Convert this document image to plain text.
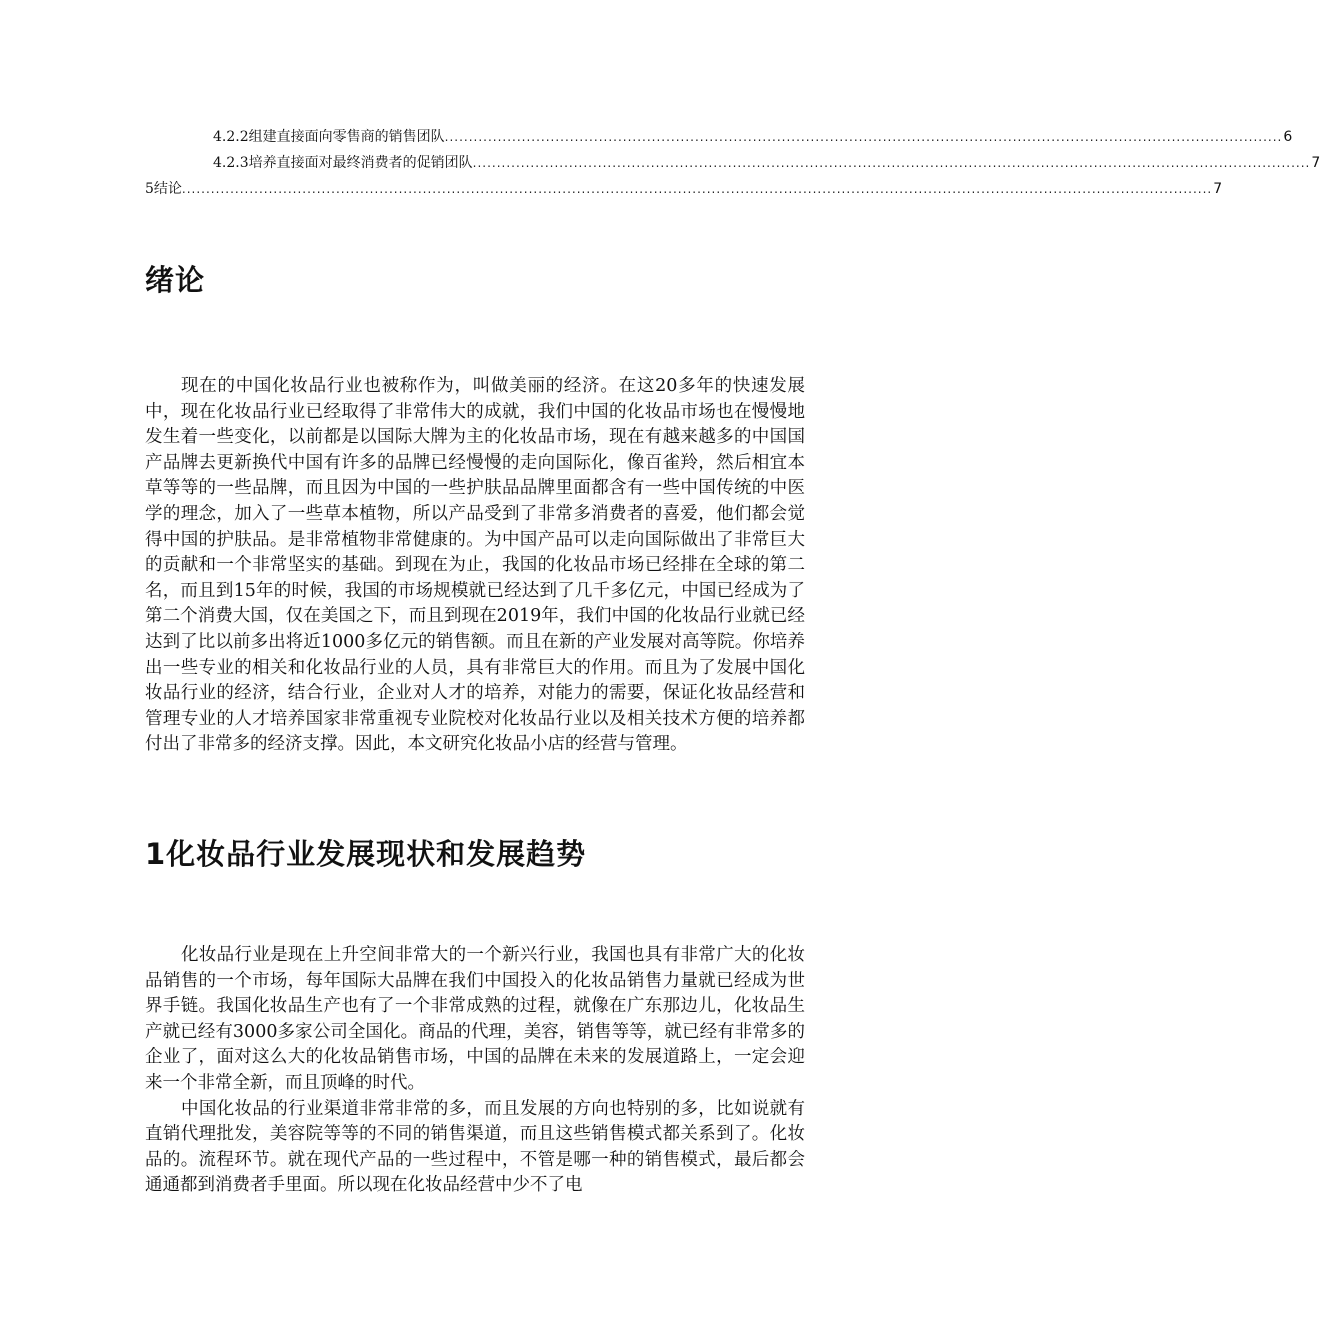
4.2.2组建直接面向零售商的销售团队 .............................................................................................................................................................................. 6
4.2.3培养直接面对最终消费者的促销团队 .............................................................................................................................................................................. 7
5结论 ...................................................................................................................................................................................................................... 7
绪论

现在的中国化妆品行业也被称作为，叫做美丽的经济。在这20多年的快速发展中，现在化妆品行业已经取得了非常伟大的成就，我们中国的化妆品市场也在慢慢地发生着一些变化，以前都是以国际大牌为主的化妆品市场，现在有越来越多的中国国产品牌去更新换代中国有许多的品牌已经慢慢的走向国际化，像百雀羚，然后相宜本草等等的一些品牌，而且因为中国的一些护肤品品牌里面都含有一些中国传统的中医学的理念，加入了一些草本植物，所以产品受到了非常多消费者的喜爱，他们都会觉得中国的护肤品。是非常植物非常健康的。为中国产品可以走向国际做出了非常巨大的贡献和一个非常坚实的基础。到现在为止，我国的化妆品市场已经排在全球的第二名，而且到15年的时候，我国的市场规模就已经达到了几千多亿元，中国已经成为了第二个消费大国，仅在美国之下，而且到现在2019年，我们中国的化妆品行业就已经达到了比以前多出将近1000多亿元的销售额。而且在新的产业发展对高等院。你培养出一些专业的相关和化妆品行业的人员，具有非常巨大的作用。而且为了发展中国化妆品行业的经济，结合行业，企业对人才的培养，对能力的需要，保证化妆品经营和管理专业的人才培养国家非常重视专业院校对化妆品行业以及相关技术方便的培养都付出了非常多的经济支撑。因此，本文研究化妆品小店的经营与管理。

1化妆品行业发展现状和发展趋势

化妆品行业是现在上升空间非常大的一个新兴行业，我国也具有非常广大的化妆品销售的一个市场，每年国际大品牌在我们中国投入的化妆品销售力量就已经成为世界手链。我国化妆品生产也有了一个非常成熟的过程，就像在广东那边儿，化妆品生产就已经有3000多家公司全国化。商品的代理，美容，销售等等，就已经有非常多的企业了，面对这么大的化妆品销售市场，中国的品牌在未来的发展道路上，一定会迎来一个非常全新，而且顶峰的时代。

中国化妆品的行业渠道非常非常的多，而且发展的方向也特别的多，比如说就有直销代理批发，美容院等等的不同的销售渠道，而且这些销售模式都关系到了。化妆品的。流程环节。就在现代产品的一些过程中，不管是哪一种的销售模式，最后都会通通都到消费者手里面。所以现在化妆品经营中少不了电
